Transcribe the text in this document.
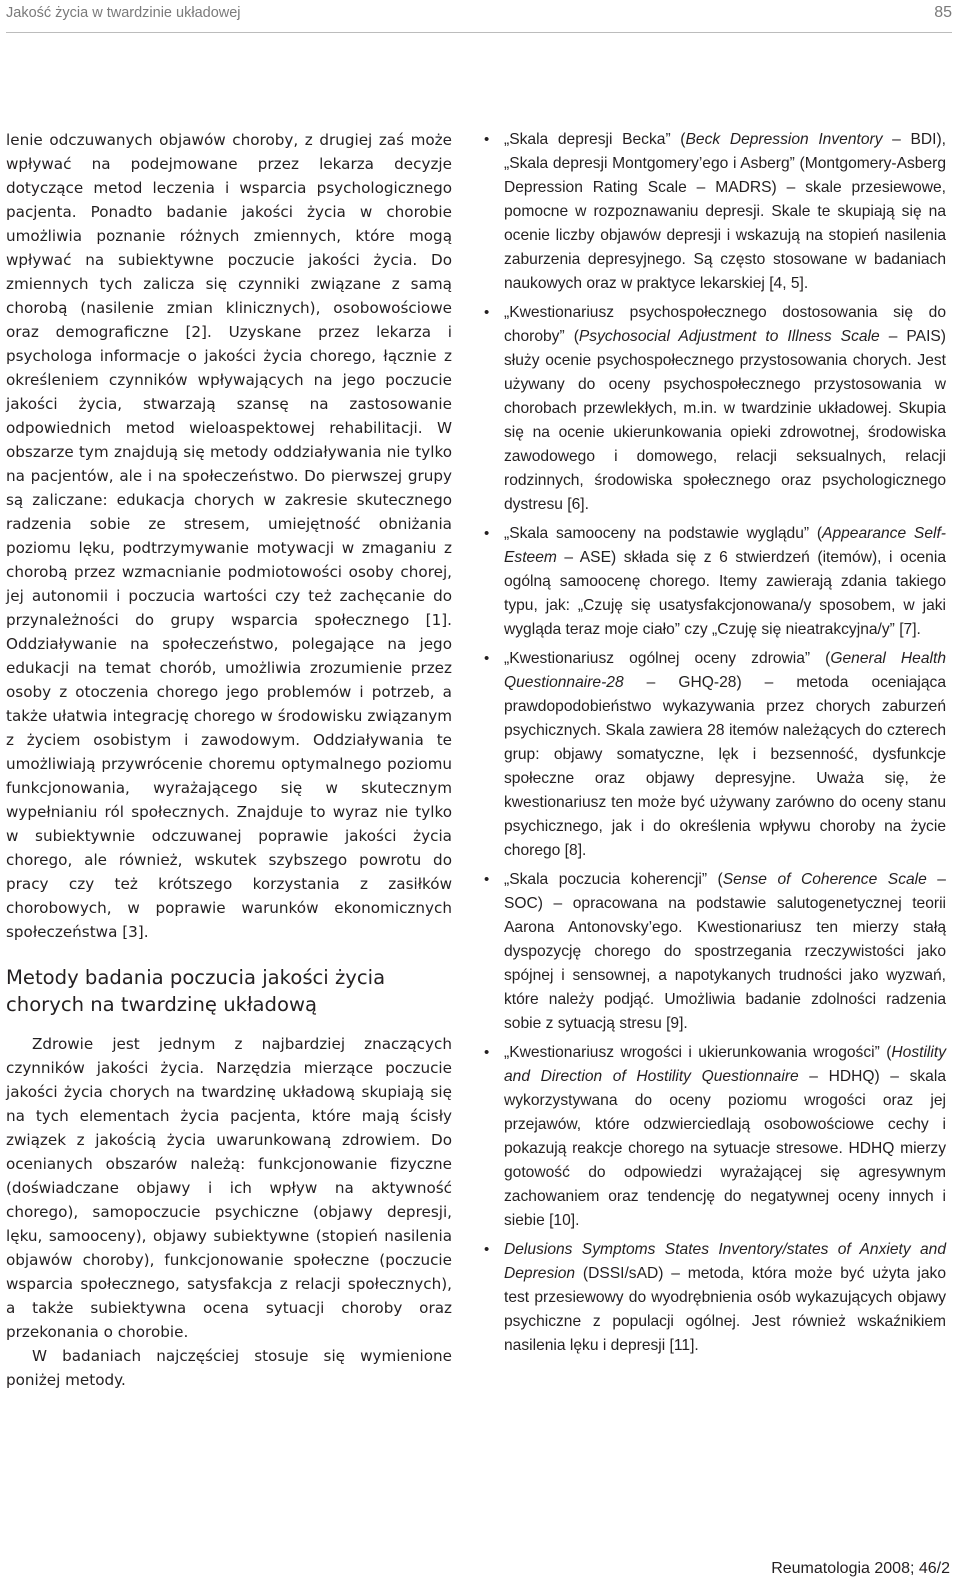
Jakość życia w twardzinie układowej	85

lenie odczuwanych objawów choroby, z drugiej zaś może wpływać na podejmowane przez lekarza decyzje dotyczące metod leczenia i wsparcia psychologicznego pacjenta. Ponadto badanie jakości życia w chorobie umożliwia poznanie różnych zmiennych, które mogą wpływać na subiektywne poczucie jakości życia. Do zmiennych tych zalicza się czynniki związane z samą chorobą (nasilenie zmian klinicznych), osobowościowe oraz demograficzne [2]. Uzyskane przez lekarza i psychologa informacje o jakości życia chorego, łącznie z określeniem czynników wpływających na jego poczucie jakości życia, stwarzają szansę na zastosowanie odpowiednich metod wieloaspektowej rehabilitacji. W obszarze tym znajdują się metody oddziaływania nie tylko na pacjentów, ale i na społeczeństwo. Do pierwszej grupy są zaliczane: edukacja chorych w zakresie skutecznego radzenia sobie ze stresem, umiejętność obniżania poziomu lęku, podtrzymywanie motywacji w zmaganiu z chorobą przez wzmacnianie podmiotowości osoby chorej, jej autonomii i poczucia wartości czy też zachęcanie do przynależności do grupy wsparcia społecznego [1]. Oddziaływanie na społeczeństwo, polegające na jego edukacji na temat chorób, umożliwia zrozumienie przez osoby z otoczenia chorego jego problemów i potrzeb, a także ułatwia integrację chorego w środowisku związanym z życiem osobistym i zawodowym. Oddziaływania te umożliwiają przywrócenie choremu optymalnego poziomu funkcjonowania, wyrażającego się w skutecznym wypełnianiu ról społecznych. Znajduje to wyraz nie tylko w subiektywnie odczuwanej poprawie jakości życia chorego, ale również, wskutek szybszego powrotu do pracy czy też krótszego korzystania z zasiłków chorobowych, w poprawie warunków ekonomicznych społeczeństwa [3].

Metody badania poczucia jakości życia chorych na twardzinę układową

Zdrowie jest jednym z najbardziej znaczących czynników jakości życia. Narzędzia mierzące poczucie jakości życia chorych na twardzinę układową skupiają się na tych elementach życia pacjenta, które mają ścisły związek z jakością życia uwarunkowaną zdrowiem. Do ocenianych obszarów należą: funkcjonowanie fizyczne (doświadczane objawy i ich wpływ na aktywność chorego), samopoczucie psychiczne (objawy depresji, lęku, samooceny), objawy subiektywne (stopień nasilenia objawów choroby), funkcjonowanie społeczne (poczucie wsparcia społecznego, satysfakcja z relacji społecznych), a także subiektywna ocena sytuacji choroby oraz przekonania o chorobie.

W badaniach najczęściej stosuje się wymienione poniżej metody.

• „Skala depresji Becka” (Beck Depression Inventory – BDI), „Skala depresji Montgomery’ego i Asberg” (Montgomery-Asberg Depression Rating Scale – MADRS) – skale przesiewowe, pomocne w rozpoznawaniu depresji. Skale te skupiają się na ocenie liczby objawów depresji i wskazują na stopień nasilenia zaburzenia depresyjnego. Są często stosowane w badaniach naukowych oraz w praktyce lekarskiej [4, 5].
• „Kwestionariusz psychospołecznego dostosowania się do choroby” (Psychosocial Adjustment to Illness Scale – PAIS) służy ocenie psychospołecznego przystosowania chorych. Jest używany do oceny psychospołecznego przystosowania w chorobach przewlekłych, m.in. w twardzinie układowej. Skupia się na ocenie ukierunkowania opieki zdrowotnej, środowiska zawodowego i domowego, relacji seksualnych, relacji rodzinnych, środowiska społecznego oraz psychologicznego dystresu [6].
• „Skala samooceny na podstawie wyglądu” (Appearance Self-Esteem – ASE) składa się z 6 stwierdzeń (itemów), i ocenia ogólną samoocenę chorego. Itemy zawierają zdania takiego typu, jak: „Czuję się usatysfakcjonowana/y sposobem, w jaki wygląda teraz moje ciało” czy „Czuję się nieatrakcyjna/y” [7].
• „Kwestionariusz ogólnej oceny zdrowia” (General Health Questionnaire-28 – GHQ-28) – metoda oceniająca prawdopodobieństwo wykazywania przez chorych zaburzeń psychicznych. Skala zawiera 28 itemów należących do czterech grup: objawy somatyczne, lęk i bezsenność, dysfunkcje społeczne oraz objawy depresyjne. Uważa się, że kwestionariusz ten może być używany zarówno do oceny stanu psychicznego, jak i do określenia wpływu choroby na życie chorego [8].
• „Skala poczucia koherencji” (Sense of Coherence Scale – SOC) – opracowana na podstawie salutogenetycznej teorii Aarona Antonovsky’ego. Kwestionariusz ten mierzy stałą dyspozycję chorego do spostrzegania rzeczywistości jako spójnej i sensownej, a napotykanych trudności jako wyzwań, które należy podjąć. Umożliwia badanie zdolności radzenia sobie z sytuacją stresu [9].
• „Kwestionariusz wrogości i ukierunkowania wrogości” (Hostility and Direction of Hostility Questionnaire – HDHQ) – skala wykorzystywana do oceny poziomu wrogości oraz jej przejawów, które odzwierciedlają osobowościowe cechy i pokazują reakcje chorego na sytuacje stresowe. HDHQ mierzy gotowość do odpowiedzi wyrażającej się agresywnym zachowaniem oraz tendencję do negatywnej oceny innych i siebie [10].
• Delusions Symptoms States Inventory/states of Anxiety and Depresion (DSSI/sAD) – metoda, która może być użyta jako test przesiewowy do wyodrębnienia osób wykazujących objawy psychiczne z populacji ogólnej. Jest również wskaźnikiem nasilenia lęku i depresji [11].
Reumatologia 2008; 46/2
